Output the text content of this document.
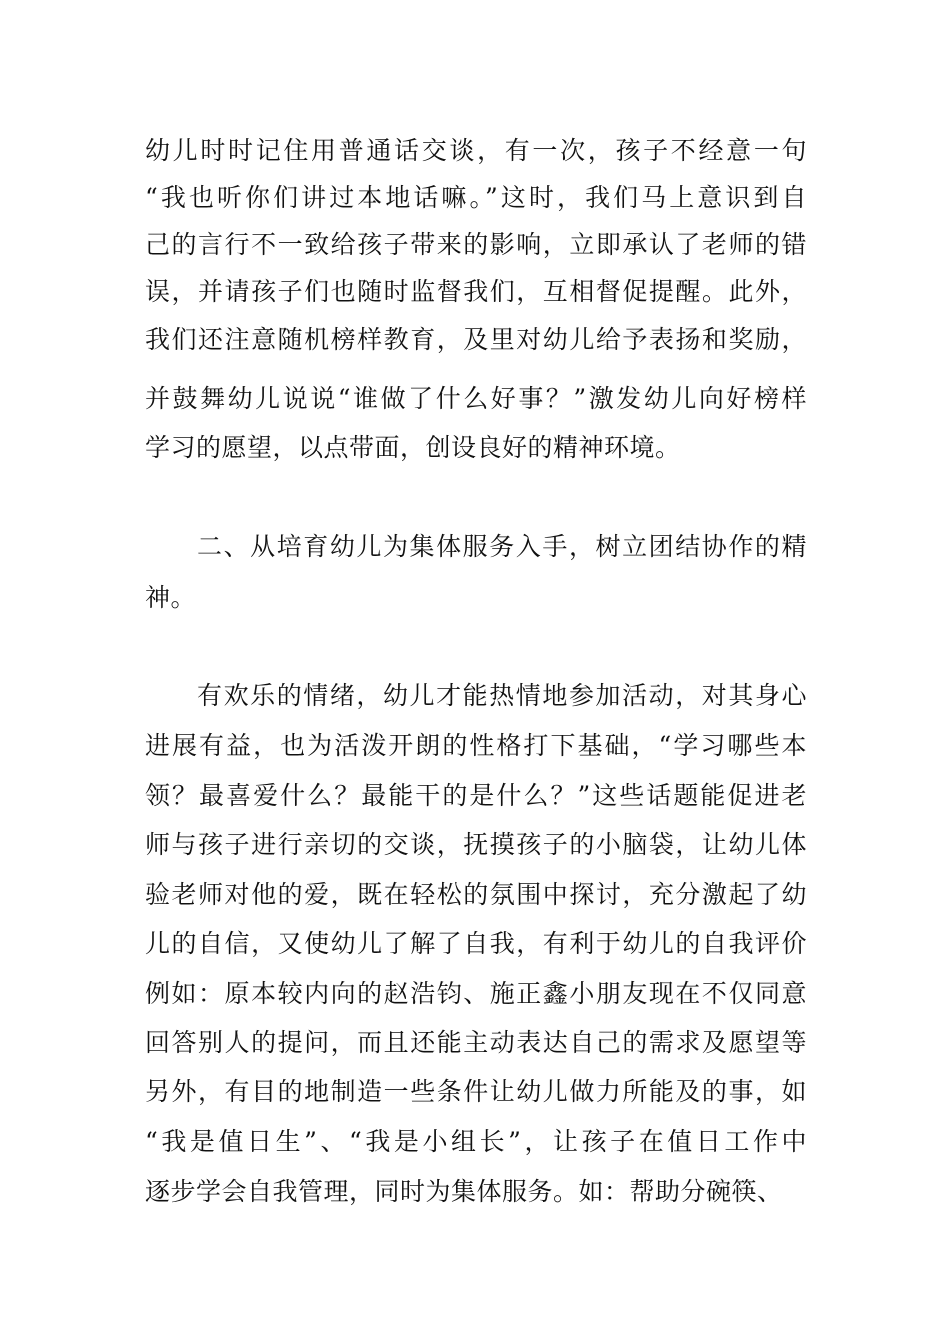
幼儿时时记住用普通话交谈，有一次，孩子不经意一句
“我也听你们讲过本地话嘛。”这时，我们马上意识到自
己的言行不一致给孩子带来的影响，立即承认了老师的错
误，并请孩子们也随时监督我们，互相督促提醒。此外，
我们还注意随机榜样教育，及里对幼儿给予表扬和奖励，
并鼓舞幼儿说说“谁做了什么好事？”激发幼儿向好榜样
学习的愿望，以点带面，创设良好的精神环境。
二、从培育幼儿为集体服务入手，树立团结协作的精
神。
有欢乐的情绪，幼儿才能热情地参加活动，对其身心
进展有益，也为活泼开朗的性格打下基础，“学习哪些本
领？最喜爱什么？最能干的是什么？”这些话题能促进老
师与孩子进行亲切的交谈，抚摸孩子的小脑袋，让幼儿体
验老师对他的爱，既在轻松的氛围中探讨，充分激起了幼
儿的自信，又使幼儿了解了自我，有利于幼儿的自我评价
例如：原本较内向的赵浩钧、施正鑫小朋友现在不仅同意
回答别人的提问，而且还能主动表达自己的需求及愿望等
另外，有目的地制造一些条件让幼儿做力所能及的事，如
“我是值日生”、“我是小组长”，让孩子在值日工作中
逐步学会自我管理，同时为集体服务。如：帮助分碗筷、
